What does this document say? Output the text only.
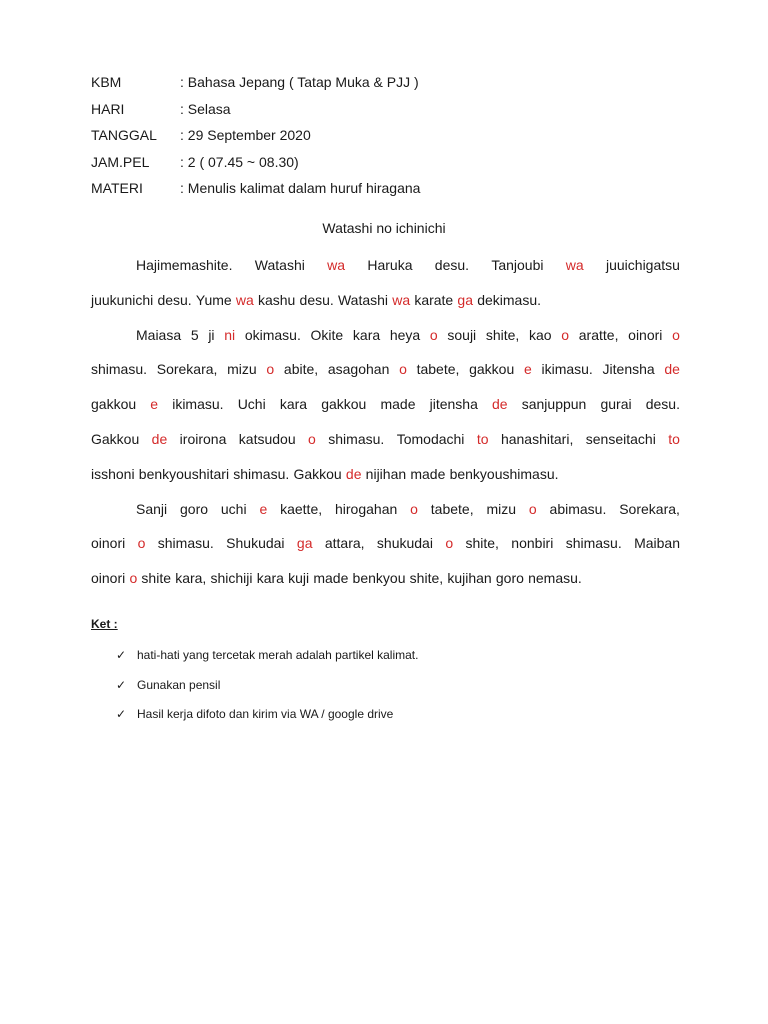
KBM	: Bahasa Jepang ( Tatap Muka & PJJ )
HARI	: Selasa
TANGGAL : 29 September 2020
JAM.PEL : 2 ( 07.45 ~ 08.30)
MATERI	: Menulis kalimat dalam huruf hiragana
Watashi no ichinichi
Hajimemashite. Watashi wa Haruka desu. Tanjoubi wa juuichigatsu
juukunichi desu. Yume wa kashu desu. Watashi wa karate ga dekimasu.
Maiasa 5 ji ni okimasu. Okite kara heya o souji shite, kao o aratte, oinori o
shimasu. Sorekara, mizu o abite, asagohan o tabete, gakkou e ikimasu. Jitensha de
gakkou e ikimasu. Uchi kara gakkou made jitensha de sanjuppun gurai desu.
Gakkou de iroirona katsudou o shimasu. Tomodachi to hanashitari, senseitachi to
isshoni benkyoushitari shimasu. Gakkou de nijihan made benkyoushimasu.
Sanji goro uchi e kaette, hirogahan o tabete, mizu o abimasu. Sorekara,
oinori o shimasu. Shukudai ga attara, shukudai o shite, nonbiri shimasu. Maiban
oinori o shite kara, shichiji kara kuji made benkyou shite, kujihan goro nemasu.
Ket :
✓ hati-hati yang tercetak merah adalah partikel kalimat.
✓ Gunakan pensil
✓ Hasil kerja difoto dan kirim via WA / google drive
